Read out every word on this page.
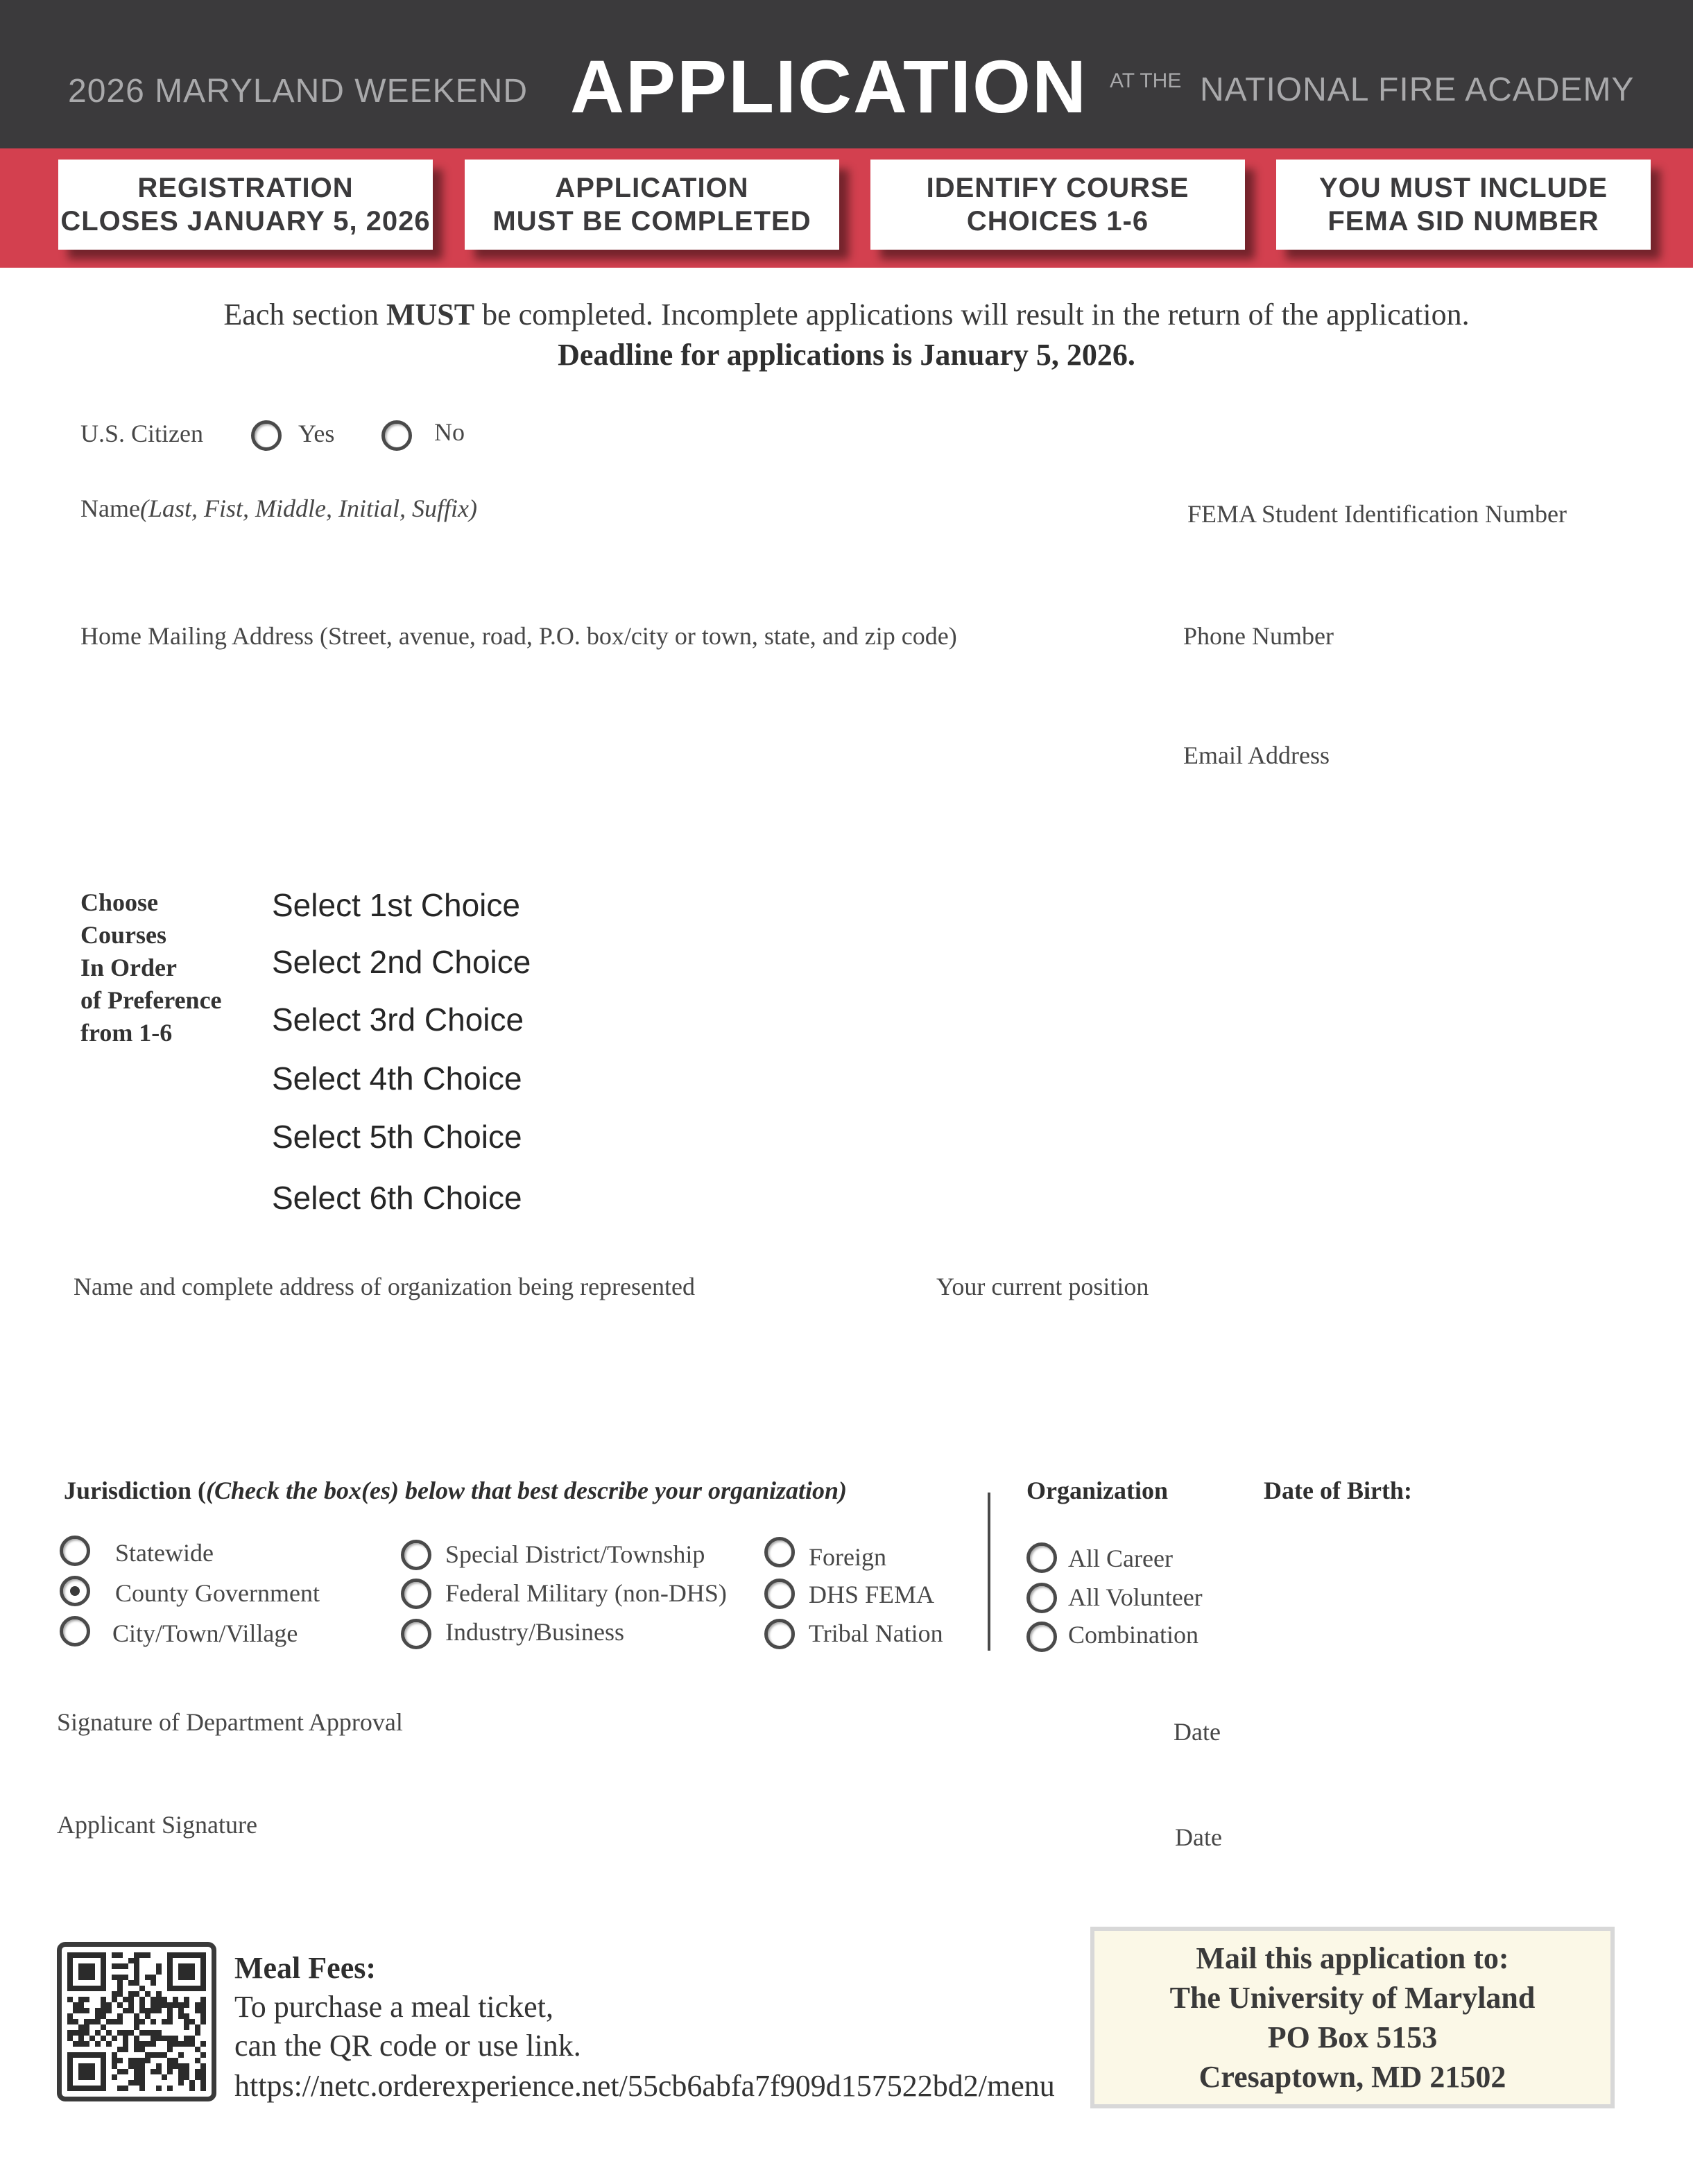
2026 MARYLAND WEEKEND APPLICATION AT THE NATIONAL FIRE ACADEMY
REGISTRATION
CLOSES JANUARY 5, 2026
APPLICATION
MUST BE COMPLETED
IDENTIFY COURSE
CHOICES 1-6
YOU MUST INCLUDE
FEMA SID NUMBER
Each section MUST be completed. Incomplete applications will result in the return of the application.
Deadline for applications is January 5, 2026.
U.S. Citizen	Yes	No
Name(Last, Fist, Middle, Initial, Suffix)	FEMA Student Identification Number
Home Mailing Address (Street, avenue, road, P.O. box/city or town, state, and zip code)	Phone Number
Email Address
Choose
Courses
In Order
of Preference
from 1-6
Select 1st Choice
Select 2nd Choice
Select 3rd Choice
Select 4th Choice
Select 5th Choice
Select 6th Choice
Name and complete address of organization being represented	Your current position
Jurisdiction ((Check the box(es) below that best describe your organization)
Statewide
County Government
City/Town/Village
Special District/Township
Federal Military (non-DHS)
Industry/Business
Foreign
DHS FEMA
Tribal Nation
Organization
All Career
All Volunteer
Combination
Date of Birth:
Signature of Department Approval	Date
Applicant Signature	Date
Meal Fees:
To purchase a meal ticket,
can the QR code or use link.
https://netc.orderexperience.net/55cb6abfa7f909d157522bd2/menu
Mail this application to:
The University of Maryland
PO Box 5153
Cresaptown, MD 21502
